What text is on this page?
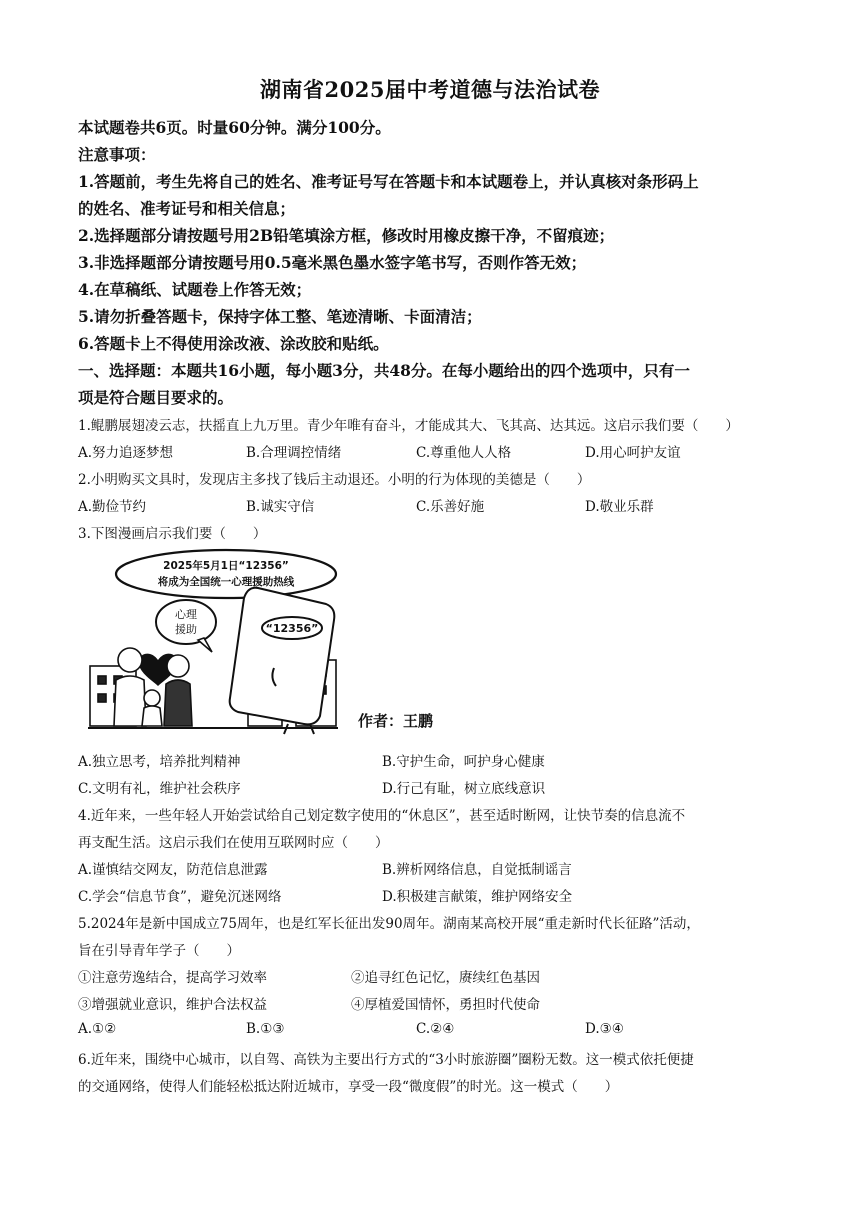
湖南省2025届中考道德与法治试卷
本试题卷共6页。时量60分钟。满分100分。
注意事项：
1.答题前，考生先将自己的姓名、准考证号写在答题卡和本试题卷上，并认真核对条形码上
的姓名、准考证号和相关信息；
2.选择题部分请按题号用2B铅笔填涂方框，修改时用橡皮擦干净，不留痕迹；
3.非选择题部分请按题号用0.5毫米黑色墨水签字笔书写，否则作答无效；
4.在草稿纸、试题卷上作答无效；
5.请勿折叠答题卡，保持字体工整、笔迹清晰、卡面清洁；
6.答题卡上不得使用涂改液、涂改胶和贴纸。
一、选择题：本题共16小题，每小题3分，共48分。在每小题给出的四个选项中，只有一
项是符合题目要求的。
1.鲲鹏展翅凌云志，扶摇直上九万里。青少年唯有奋斗，才能成其大、飞其高、达其远。这启示我们要（　　）
A.努力追逐梦想	B.合理调控情绪	C.尊重他人人格	D.用心呵护友谊
2.小明购买文具时，发现店主多找了钱后主动退还。小明的行为体现的美德是（　　）
A.勤俭节约	B.诚实守信	C.乐善好施	D.敬业乐群
3.下图漫画启示我们要（　　）
2025年5月1日“12356”
将成为全国统一心理援助热线
心理
援助	“12356”
作者：王鹏
A.独立思考，培养批判精神	B.守护生命，呵护身心健康
C.文明有礼，维护社会秩序	D.行己有耻，树立底线意识
4.近年来，一些年轻人开始尝试给自己划定数字使用的“休息区”，甚至适时断网，让快节奏的信息流不
再支配生活。这启示我们在使用互联网时应（　　）
A.谨慎结交网友，防范信息泄露	B.辨析网络信息，自觉抵制谣言
C.学会“信息节食”，避免沉迷网络	D.积极建言献策，维护网络安全
5.2024年是新中国成立75周年，也是红军长征出发90周年。湖南某高校开展“重走新时代长征路”活动，
旨在引导青年学子（　　）
①注意劳逸结合，提高学习效率	②追寻红色记忆，赓续红色基因
③增强就业意识，维护合法权益	④厚植爱国情怀，勇担时代使命
A.①②	B.①③	C.②④	D.③④
6.近年来，围绕中心城市，以自驾、高铁为主要出行方式的“3小时旅游圈”圈粉无数。这一模式依托便捷
的交通网络，使得人们能轻松抵达附近城市，享受一段“微度假”的时光。这一模式（　　）
